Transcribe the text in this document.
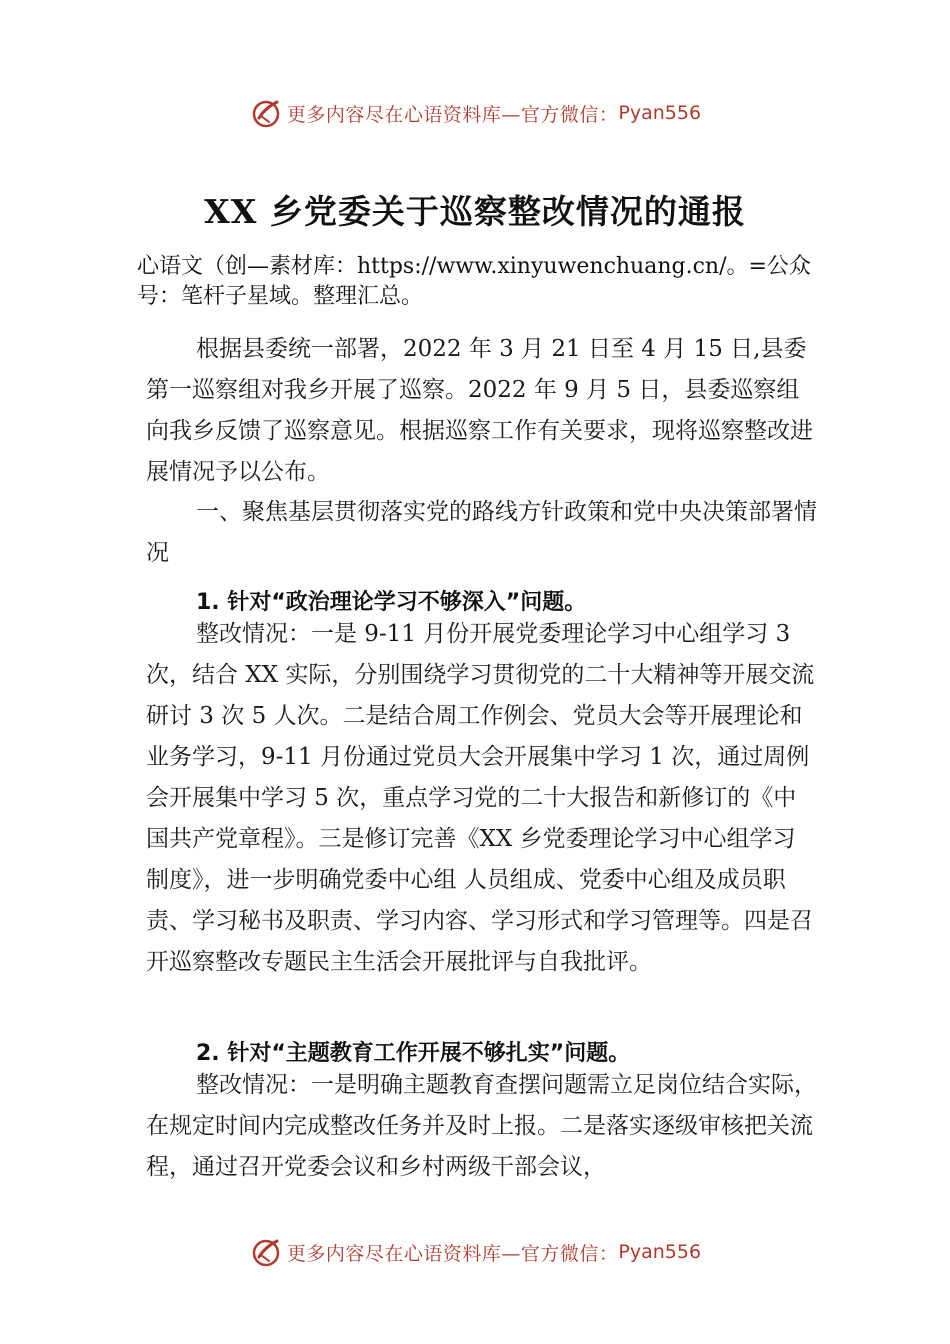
更多内容尽在心语资料库—官方微信： Pyan556
XX 乡党委关于巡察整改情况的通报
心语文（创—素材库：https://www.xinyuwenchuang.cn/。=公众号：笔杆子星域。整理汇总。

根据县委统一部署，2022 年 3 月 21 日至 4 月 15 日,县委第一巡察组对我乡开展了巡察。2022 年 9 月 5 日，县委巡察组向我乡反馈了巡察意见。根据巡察工作有关要求，现将巡察整改进展情况予以公布。

一、聚焦基层贯彻落实党的路线方针政策和党中央决策部署情况

1. 针对“政治理论学习不够深入”问题。

整改情况：一是 9-11 月份开展党委理论学习中心组学习 3 次，结合 XX 实际，分别围绕学习贯彻党的二十大精神等开展交流研讨 3 次 5 人次。二是结合周工作例会、党员大会等开展理论和业务学习，9-11 月份通过党员大会开展集中学习 1 次，通过周例会开展集中学习 5 次，重点学习党的二十大报告和新修订的《中国共产党章程》。三是修订完善《XX 乡党委理论学习中心组学习制度》，进一步明确党委中心组 人员组成、党委中心组及成员职责、学习秘书及职责、学习内容、学习形式和学习管理等。四是召开巡察整改专题民主生活会开展批评与自我批评。

2. 针对“主题教育工作开展不够扎实”问题。

整改情况：一是明确主题教育查摆问题需立足岗位结合实际，在规定时间内完成整改任务并及时上报。二是落实逐级审核把关流程，通过召开党委会议和乡村两级干部会议，

更多内容尽在心语资料库—官方微信： Pyan556
